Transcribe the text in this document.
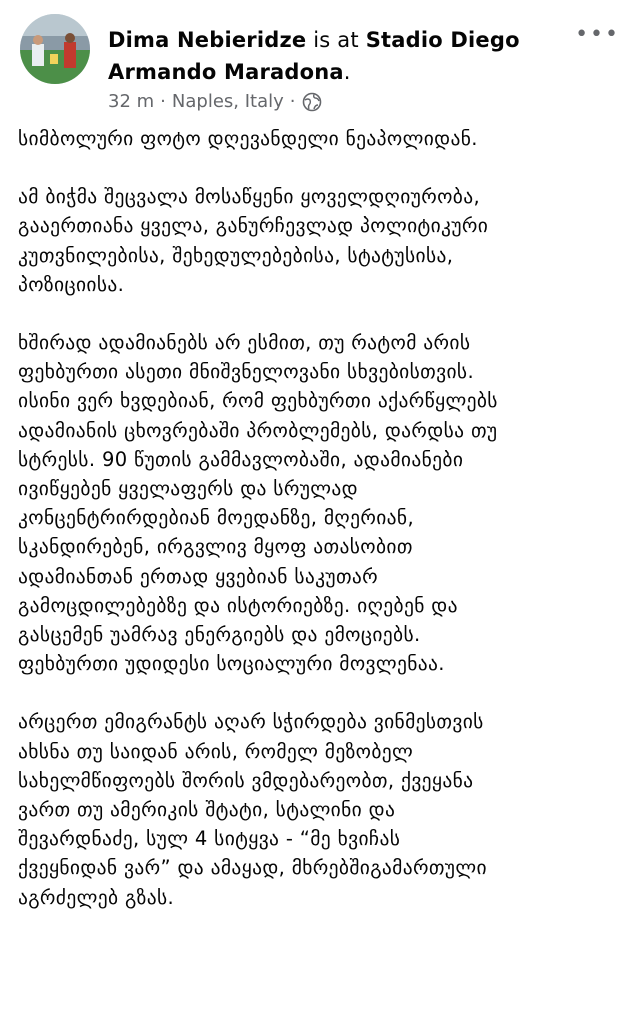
Dima Nebieridze is at Stadio Diego
Armando Maradona.
•••
32 m · Naples, Italy ·

სიმბოლური ფოტო დღევანდელი ნეაპოლიდან.

ამ ბიჭმა შეცვალა მოსაწყენი ყოველდღიურობა,
გააერთიანა ყველა, განურჩევლად პოლიტიკური
კუთვნილებისა, შეხედულებებისა, სტატუსისა,
პოზიციისა.

ხშირად ადამიანებს არ ესმით, თუ რატომ არის
ფეხბურთი ასეთი მნიშვნელოვანი სხვებისთვის.
ისინი ვერ ხვდებიან, რომ ფეხბურთი აქარწყლებს
ადამიანის ცხოვრებაში პრობლემებს, დარდსა თუ
სტრესს. 90 წუთის გამმავლობაში, ადამიანები
ივიწყებენ ყველაფერს და სრულად
კონცენტრირდებიან მოედანზე, მღერიან,
სკანდირებენ, ირგვლივ მყოფ ათასობით
ადამიანთან ერთად ყვებიან საკუთარ
გამოცდილებებზე და ისტორიებზე. იღებენ და
გასცემენ უამრავ ენერგიებს და ემოციებს.
ფეხბურთი უდიდესი სოციალური მოვლენაა.

არცერთ ემიგრანტს აღარ სჭირდება ვინმესთვის
ახსნა თუ საიდან არის, რომელ მეზობელ
სახელმწიფოებს შორის ვმდებარეობთ, ქვეყანა
ვართ თუ ამერიკის შტატი, სტალინი და
შევარდნაძე, სულ 4 სიტყვა - “მე ხვიჩას
ქვეყნიდან ვარ” და ამაყად, მხრებშიგამართული
აგრძელებ გზას.
